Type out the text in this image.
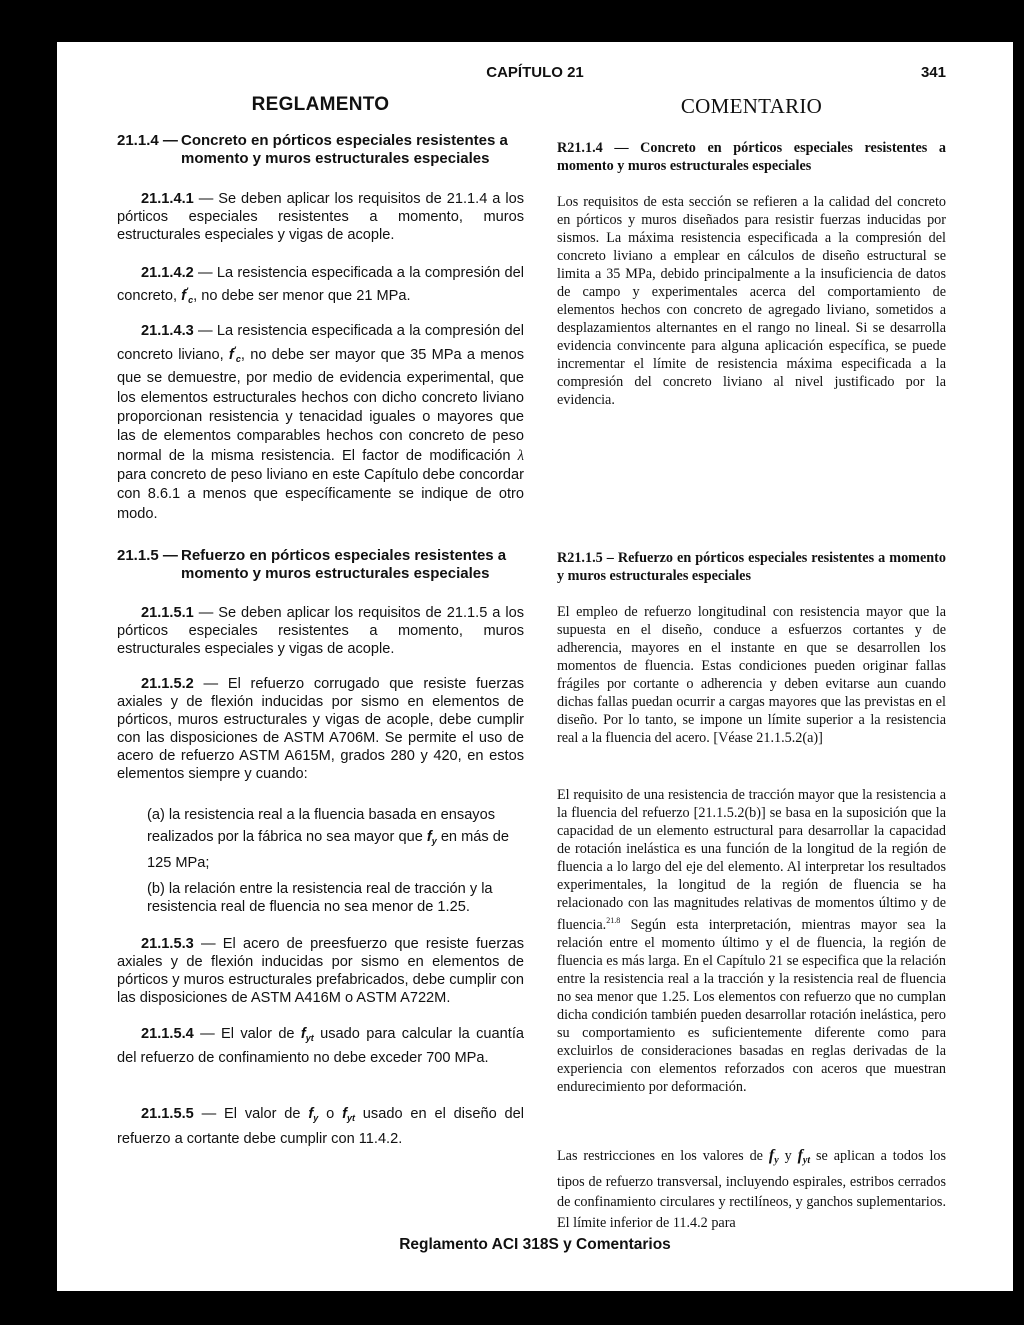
CAPÍTULO 21	341
REGLAMENTO	COMENTARIO

21.1.4 — Concreto en pórticos especiales resistentes a momento y muros estructurales especiales

21.1.4.1 — Se deben aplicar los requisitos de 21.1.4 a los pórticos especiales resistentes a momento, muros estructurales especiales y vigas de acople.

21.1.4.2 — La resistencia especificada a la compresión del concreto, $f'_c$, no debe ser menor que 21 MPa.

21.1.4.3 — La resistencia especificada a la compresión del concreto liviano, $f'_c$, no debe ser mayor que 35 MPa a menos que se demuestre, por medio de evidencia experimental, que los elementos estructurales hechos con dicho concreto liviano proporcionan resistencia y tenacidad iguales o mayores que las de elementos comparables hechos con concreto de peso normal de la misma resistencia. El factor de modificación λ para concreto de peso liviano en este Capítulo debe concordar con 8.6.1 a menos que específicamente se indique de otro modo.

21.1.5 — Refuerzo en pórticos especiales resistentes a momento y muros estructurales especiales

21.1.5.1 — Se deben aplicar los requisitos de 21.1.5 a los pórticos especiales resistentes a momento, muros estructurales especiales y vigas de acople.

21.1.5.2 — El refuerzo corrugado que resiste fuerzas axiales y de flexión inducidas por sismo en elementos de pórticos, muros estructurales y vigas de acople, debe cumplir con las disposiciones de ASTM A706M. Se permite el uso de acero de refuerzo ASTM A615M, grados 280 y 420, en estos elementos siempre y cuando:

(a) la resistencia real a la fluencia basada en ensayos realizados por la fábrica no sea mayor que $f_y$ en más de 125 MPa;

(b) la relación entre la resistencia real de tracción y la resistencia real de fluencia no sea menor de 1.25.

21.1.5.3 — El acero de preesfuerzo que resiste fuerzas axiales y de flexión inducidas por sismo en elementos de pórticos y muros estructurales prefabricados, debe cumplir con las disposiciones de ASTM A416M o ASTM A722M.

21.1.5.4 — El valor de $f_{yt}$ usado para calcular la cuantía del refuerzo de confinamiento no debe exceder 700 MPa.

21.1.5.5 — El valor de $f_y$ o $f_{yt}$ usado en el diseño del refuerzo a cortante debe cumplir con 11.4.2.

R21.1.4 — Concreto en pórticos especiales resistentes a momento y muros estructurales especiales

Los requisitos de esta sección se refieren a la calidad del concreto en pórticos y muros diseñados para resistir fuerzas inducidas por sismos. La máxima resistencia especificada a la compresión del concreto liviano a emplear en cálculos de diseño estructural se limita a 35 MPa, debido principalmente a la insuficiencia de datos de campo y experimentales acerca del comportamiento de elementos hechos con concreto de agregado liviano, sometidos a desplazamientos alternantes en el rango no lineal. Si se desarrolla evidencia convincente para alguna aplicación específica, se puede incrementar el límite de resistencia máxima especificada a la compresión del concreto liviano al nivel justificado por la evidencia.

R21.1.5 – Refuerzo en pórticos especiales resistentes a momento y muros estructurales especiales

El empleo de refuerzo longitudinal con resistencia mayor que la supuesta en el diseño, conduce a esfuerzos cortantes y de adherencia, mayores en el instante en que se desarrollen los momentos de fluencia. Estas condiciones pueden originar fallas frágiles por cortante o adherencia y deben evitarse aun cuando dichas fallas puedan ocurrir a cargas mayores que las previstas en el diseño. Por lo tanto, se impone un límite superior a la resistencia real a la fluencia del acero. [Véase 21.1.5.2(a)]

El requisito de una resistencia de tracción mayor que la resistencia a la fluencia del refuerzo [21.1.5.2(b)] se basa en la suposición que la capacidad de un elemento estructural para desarrollar la capacidad de rotación inelástica es una función de la longitud de la región de fluencia a lo largo del eje del elemento. Al interpretar los resultados experimentales, la longitud de la región de fluencia se ha relacionado con las magnitudes relativas de momentos último y de fluencia.$^{21.8}$ Según esta interpretación, mientras mayor sea la relación entre el momento último y el de fluencia, la región de fluencia es más larga. En el Capítulo 21 se especifica que la relación entre la resistencia real a la tracción y la resistencia real de fluencia no sea menor que 1.25. Los elementos con refuerzo que no cumplan dicha condición también pueden desarrollar rotación inelástica, pero su comportamiento es suficientemente diferente como para excluirlos de consideraciones basadas en reglas derivadas de la experiencia con elementos reforzados con aceros que muestran endurecimiento por deformación.

Las restricciones en los valores de $f_y$ y $f_{yt}$ se aplican a todos los tipos de refuerzo transversal, incluyendo espirales, estribos cerrados de confinamiento circulares y rectilíneos, y ganchos suplementarios. El límite inferior de 11.4.2 para

Reglamento ACI 318S y Comentarios
